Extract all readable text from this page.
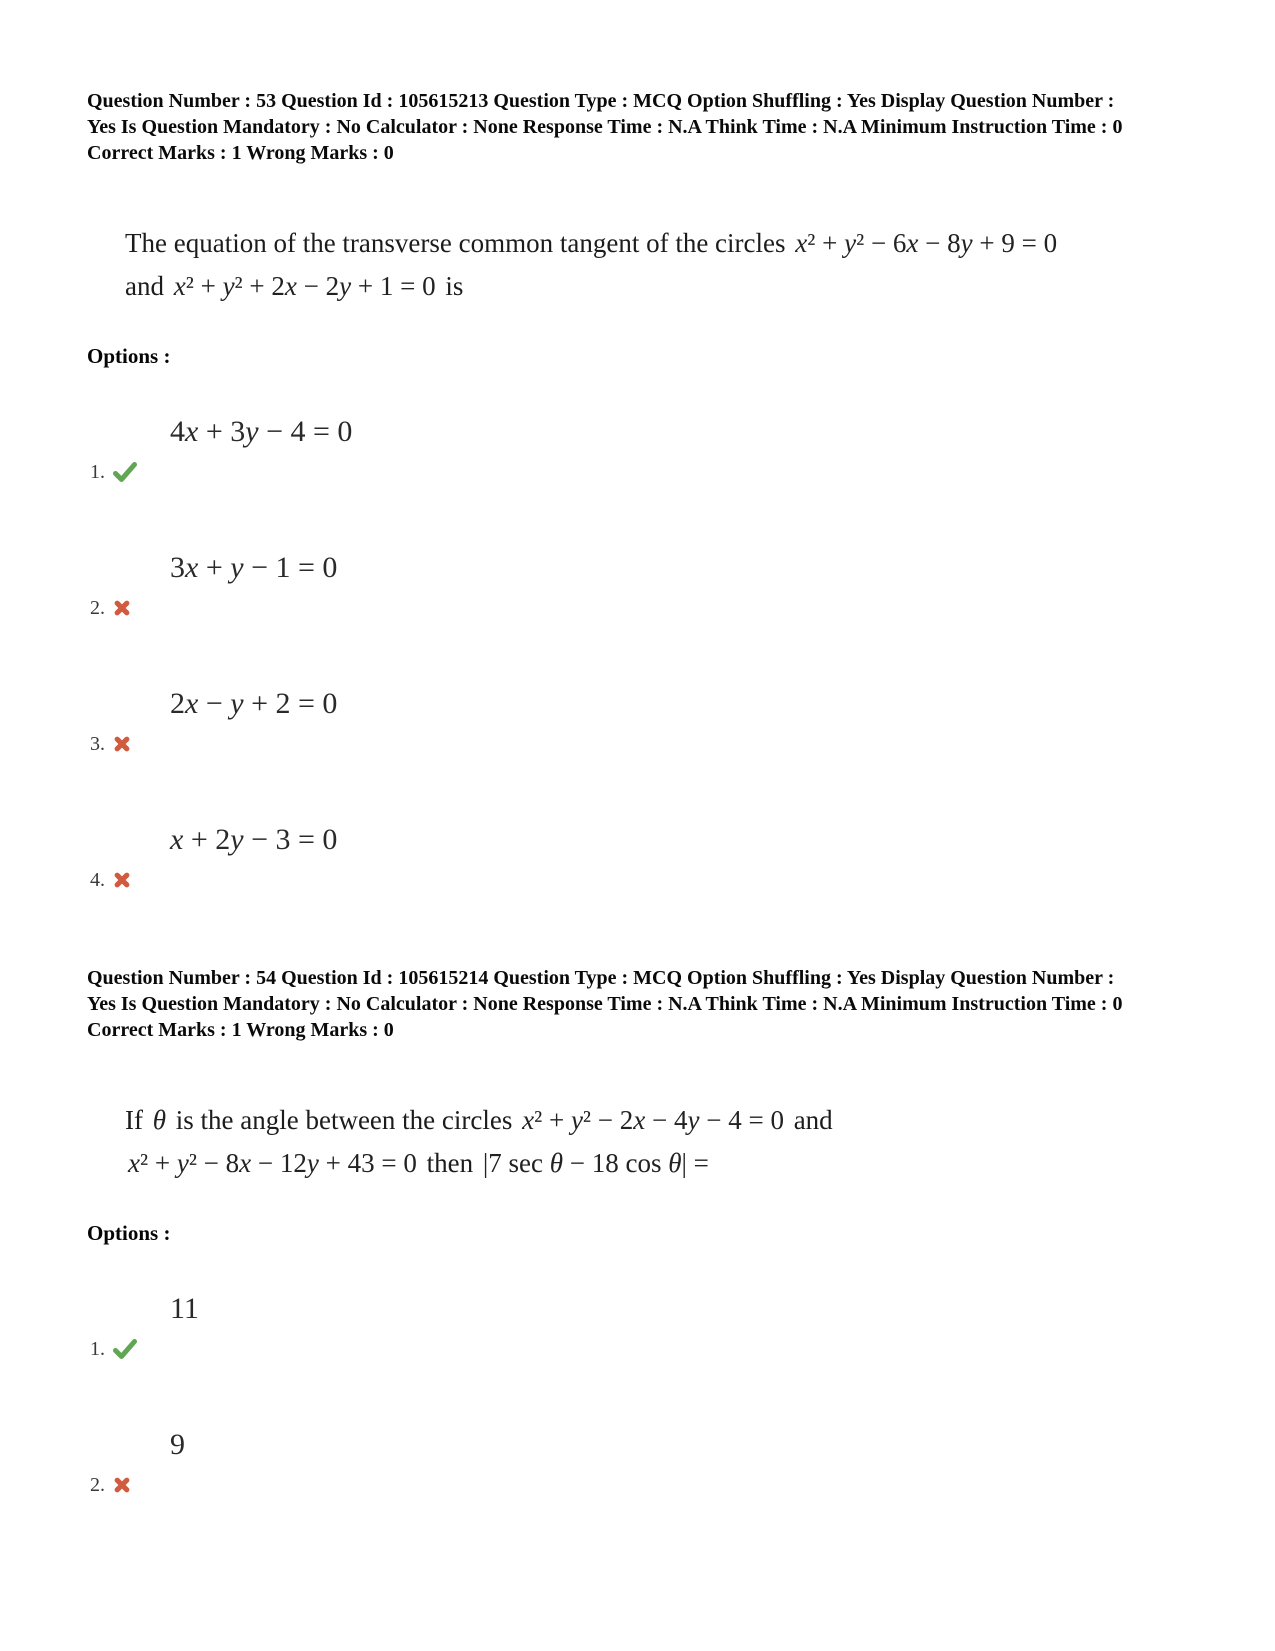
Question Number : 53 Question Id : 105615213 Question Type : MCQ Option Shuffling : Yes Display Question Number :
Yes Is Question Mandatory : No Calculator : None Response Time : N.A Think Time : N.A Minimum Instruction Time : 0
Correct Marks : 1 Wrong Marks : 0
The equation of the transverse common tangent of the circles x² + y² − 6x − 8y + 9 = 0
and x² + y² + 2x − 2y + 1 = 0 is
Options :
4x + 3y − 4 = 0
1.
3x + y − 1 = 0
2.
2x − y + 2 = 0
3.
x + 2y − 3 = 0
4.
Question Number : 54 Question Id : 105615214 Question Type : MCQ Option Shuffling : Yes Display Question Number :
Yes Is Question Mandatory : No Calculator : None Response Time : N.A Think Time : N.A Minimum Instruction Time : 0
Correct Marks : 1 Wrong Marks : 0
If θ is the angle between the circles x² + y² − 2x − 4y − 4 = 0 and
x² + y² − 8x − 12y + 43 = 0 then |7 sec θ − 18 cos θ| =
Options :
11
1.
9
2.
